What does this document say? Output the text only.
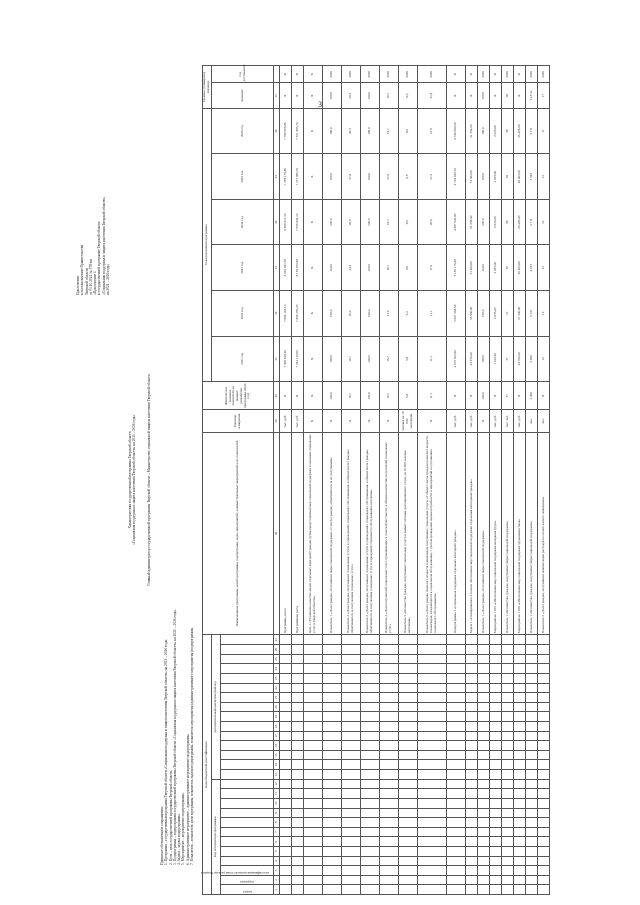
3
Приложение к постановлению Правительства Тверской области от 03.10.2022 № 578-пп «Приложение 1 к государственной программе Тверской области «Социальная поддержка и защита населения Тверской области» на 2021 – 2026 годы
Характеристика государственной программы Тверской области «Социальная поддержка и защита населения Тверской области» на 2021 – 2026 годы	Главный администратор государственной программы Тверской области – Министерство социальной защиты населения Тверской области
Принятые обозначения и сокращения: 1. Программа – государственная программа Тверской области «Социальная поддержка и защита населения Тверской области» на 2021 – 2026 годы. 2. Цель – цель государственной программы Тверской области. 3. Подпрограмма – подпрограмма государственной программы Тверской области «Социальная поддержка и защита населения Тверской области» на 2021 – 2026 годы. 4. Задача – задача подпрограммы. 5. Мероприятие – мероприятие подпрограммы. 6. Административное мероприятие – административное мероприятие подпрограммы. 7. Показатель – показатель цели программы, показатель задачи подпрограммы, показатель мероприятия (административного мероприятия) подпрограммы.	Коды бюджетной классификации																											Наименование программы, целей программы, подпрограмм, задач, мероприятий, административных мероприятий и их показателей	Единица измерения	Фактическое значение показателя на момент разработки программы (2020 год)	Годы реализации программы						Целевое (суммарное) значение	
Код исполнителя программы												Дополнительный аналитический код																		2021 год	2022 год	2023 год	2024 год	2025 год	2026 год	значение	год достижения

раздел	подраздел	классификация целевой статьи расхода бюджета																																			

1	2	3	4	5	6	7	8	9	10	11	12	13	14	15	16	17	18	19	20	21	22	23	24	25	26	27	28	29	30	31	32	33	34	35	36	37	
																											Программа, всего	тыс. руб.	Х	7 368 640,20	7 994 103,10	8 322 491,50	8 496 611,10	7 359 179,80	7 780 665,80	Х	Х
																											Программная часть	тыс. руб.	Х	7 352 110,90	7 808 356,30	8 155 070,80	7 956 664,10	7 277 386,70	7 571 983,70	Х	Х
																											Цель 1 «Улучшение качества жизни отдельных категорий граждан путем предоставления мер социальной поддержки и оказания социальных услуг в Тверской области»	Х	Х	Х	Х	Х	Х	Х	Х	Х	Х
																											Показатель 1 «Доля граждан, получивших меры социальной поддержки, от числа граждан, обратившихся за их получением»	%	100,0	100,0	100,0	100,0	100,0	100,0	100,0	100,0	2026
																											Показатель 2 «Доля граждан, получивших социальные услуги в учреждениях социального обслуживания, в общем числе граждан, обратившихся за получением социальных услуг»	%	19,7	19,7	20,0	24,5	26,0	27,8	29,5	29,5	2026
																											Показатель 3 «Доля граждан, получивших социальные услуги в учреждениях социального обслуживания, в общем числе граждан, обратившихся за получением социальных услуг в учреждения социального обслуживания населения»	%	100,0	100,0	100,0	100,0	100,0	100,0	100,0	100,0	2026
																											Показатель 4 «Доля получателей социальных услуг, проживающих в сельской местности, в общем количестве получателей социальных услуг»	%	16,7	16,7	21,6	16,7	16,7	21,6	16,7	16,7	2026
																											Показатель 5 «Количество граждан, получивших социальные услуги в рамках системы долговременного ухода, на 10 000 человек населения»	человек на 10 000 населения	5,8	5,8	5,2	9,0	9,0	8,5	8,0	8,0	2026
																											Показатель 6 «Доля граждан пожилого возраста и инвалидов, получивших социальные услуги, от общего числа граждан пожилого возраста и инвалидов, нуждающихся в социальном обслуживании, с учетом проведения оценки потребности и мероприятий по улучшению социального обслуживания»	%	11,1	11,1	11,1	17,9	20,8	21,5	21,9	21,9	2026
																											Подпрограмма 1 «Социальная поддержка отдельных категорий граждан»	тыс. руб.	Х	4 676 363,90	5 097 268,50	5 183 176,80	4 897 645,90	4 704 450,10	4 748 660,60	Х	Х
																											Задача 1 «Своевременное и полное обеспечение мер социальной поддержки отдельным категориям граждан»	тыс. руб.	Х	43 256,40	55 960,00	51 400,00	51 358,40	51 382,00	51 354,60	Х	Х
																											Показатель 1 «Доля граждан, получивших меры социальной поддержки»	%	100,0	100,0	100,0	100,0	100,0	100,0	100,0	100,0	2026
																											Мероприятие 1.001 «Обеспечение мер социальной поддержки ветеранов труда»	тыс. руб.	Х	1 610,20	2 035,00	2 035,00	2 035,00	2 035,00	2 035,00	Х	Х
																											Показатель 1 «Количество граждан, получивших меры социальной поддержки»	тыс. чел.	37	37	37	38	38	38	38	38	2026
																											Мероприятие 1.002 «Обеспечение мер социальной поддержки тружеников тыла»	тыс. руб.	Х	24 790,20	27 200,00	26 405,00	26 405,00	26 405,00	26 405,00	Х	Х
																											Показатель 1 «Количество граждан, получивших меры социальной поддержки»	чел.	3 468	3 468	3 147	4 183	3 711	3 543	3 711	21,8 %	2026
																											Показатель 2 «Доля граждан, получивших компенсацию расходов по оплате жилого помещения»	чел.	Х	12	12	12	12	12	17	17	2026
